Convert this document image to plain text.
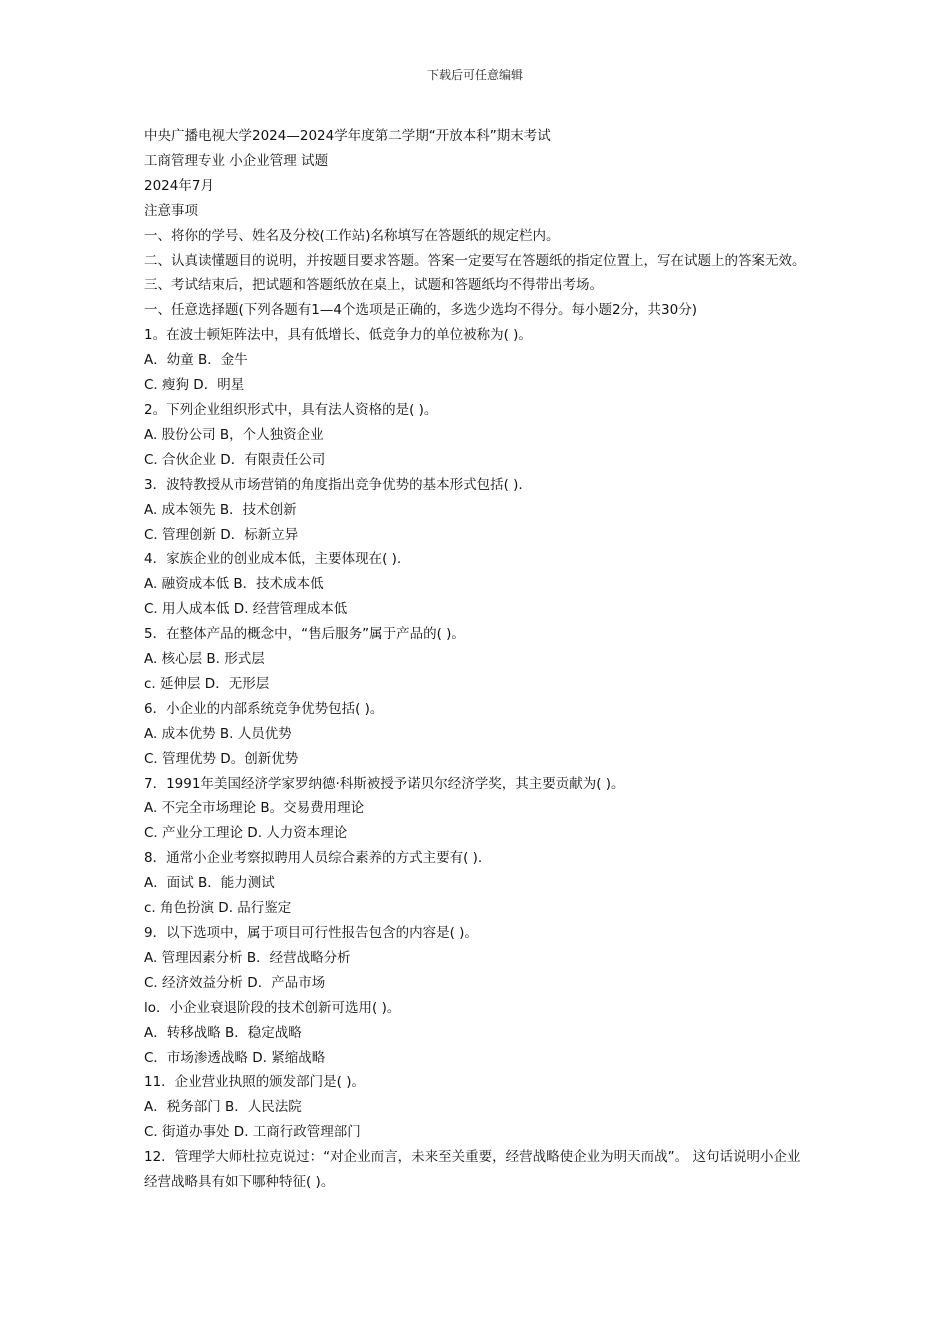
下载后可任意编辑

中央广播电视大学2024—2024学年度第二学期“开放本科”期末考试

工商管理专业 小企业管理 试题

2024年7月

注意事项

一、将你的学号、姓名及分校(工作站)名称填写在答题纸的规定栏内。

二、认真读懂题目的说明，并按题目要求答题。答案一定要写在答题纸的指定位置上，写在试题上的答案无效。

三、考试结束后，把试题和答题纸放在桌上，试题和答题纸均不得带出考场。

一、任意选择题(下列各题有1—4个选项是正确的，多选少选均不得分。每小题2分，共30分)

1。在波士顿矩阵法中，具有低增长、低竞争力的单位被称为( )。

A．幼童 B．金牛

C. 瘦狗 D．明星

2。下列企业组织形式中，具有法人资格的是( )。

A. 股份公司 B，个人独资企业

C. 合伙企业 D．有限责任公司

3．波特教授从市场营销的角度指出竞争优势的基本形式包括( ).

A. 成本领先 B．技术创新

C. 管理创新 D．标新立异

4．家族企业的创业成本低，主要体现在( ).

A. 融资成本低 B．技术成本低

C. 用人成本低 D. 经营管理成本低

5．在整体产品的概念中，“售后服务”属于产品的( )。

A. 核心层 B. 形式层

c. 延伸层 D．无形层

6．小企业的内部系统竞争优势包括( )。

A. 成本优势 B. 人员优势

C. 管理优势 D。创新优势

7．1991年美国经济学家罗纳德·科斯被授予诺贝尔经济学奖，其主要贡献为( )。

A. 不完全市场理论 B。交易费用理论

C. 产业分工理论 D. 人力资本理论

8．通常小企业考察拟聘用人员综合素养的方式主要有( ).

A．面试 B．能力测试

c. 角色扮演 D. 品行鉴定

9．以下选项中，属于项目可行性报告包含的内容是( )。

A. 管理因素分析 B．经营战略分析

C. 经济效益分析 D．产品市场

lo．小企业衰退阶段的技术创新可选用( )。

A．转移战略 B．稳定战略

C．市场渗透战略 D. 紧缩战略

11．企业营业执照的颁发部门是( )。

A．税务部门 B．人民法院

C. 街道办事处 D. 工商行政管理部门

12．管理学大师杜拉克说过：“对企业而言，未来至关重要，经营战略使企业为明天而战”。 这句话说明小企业经营战略具有如下哪种特征( )。
